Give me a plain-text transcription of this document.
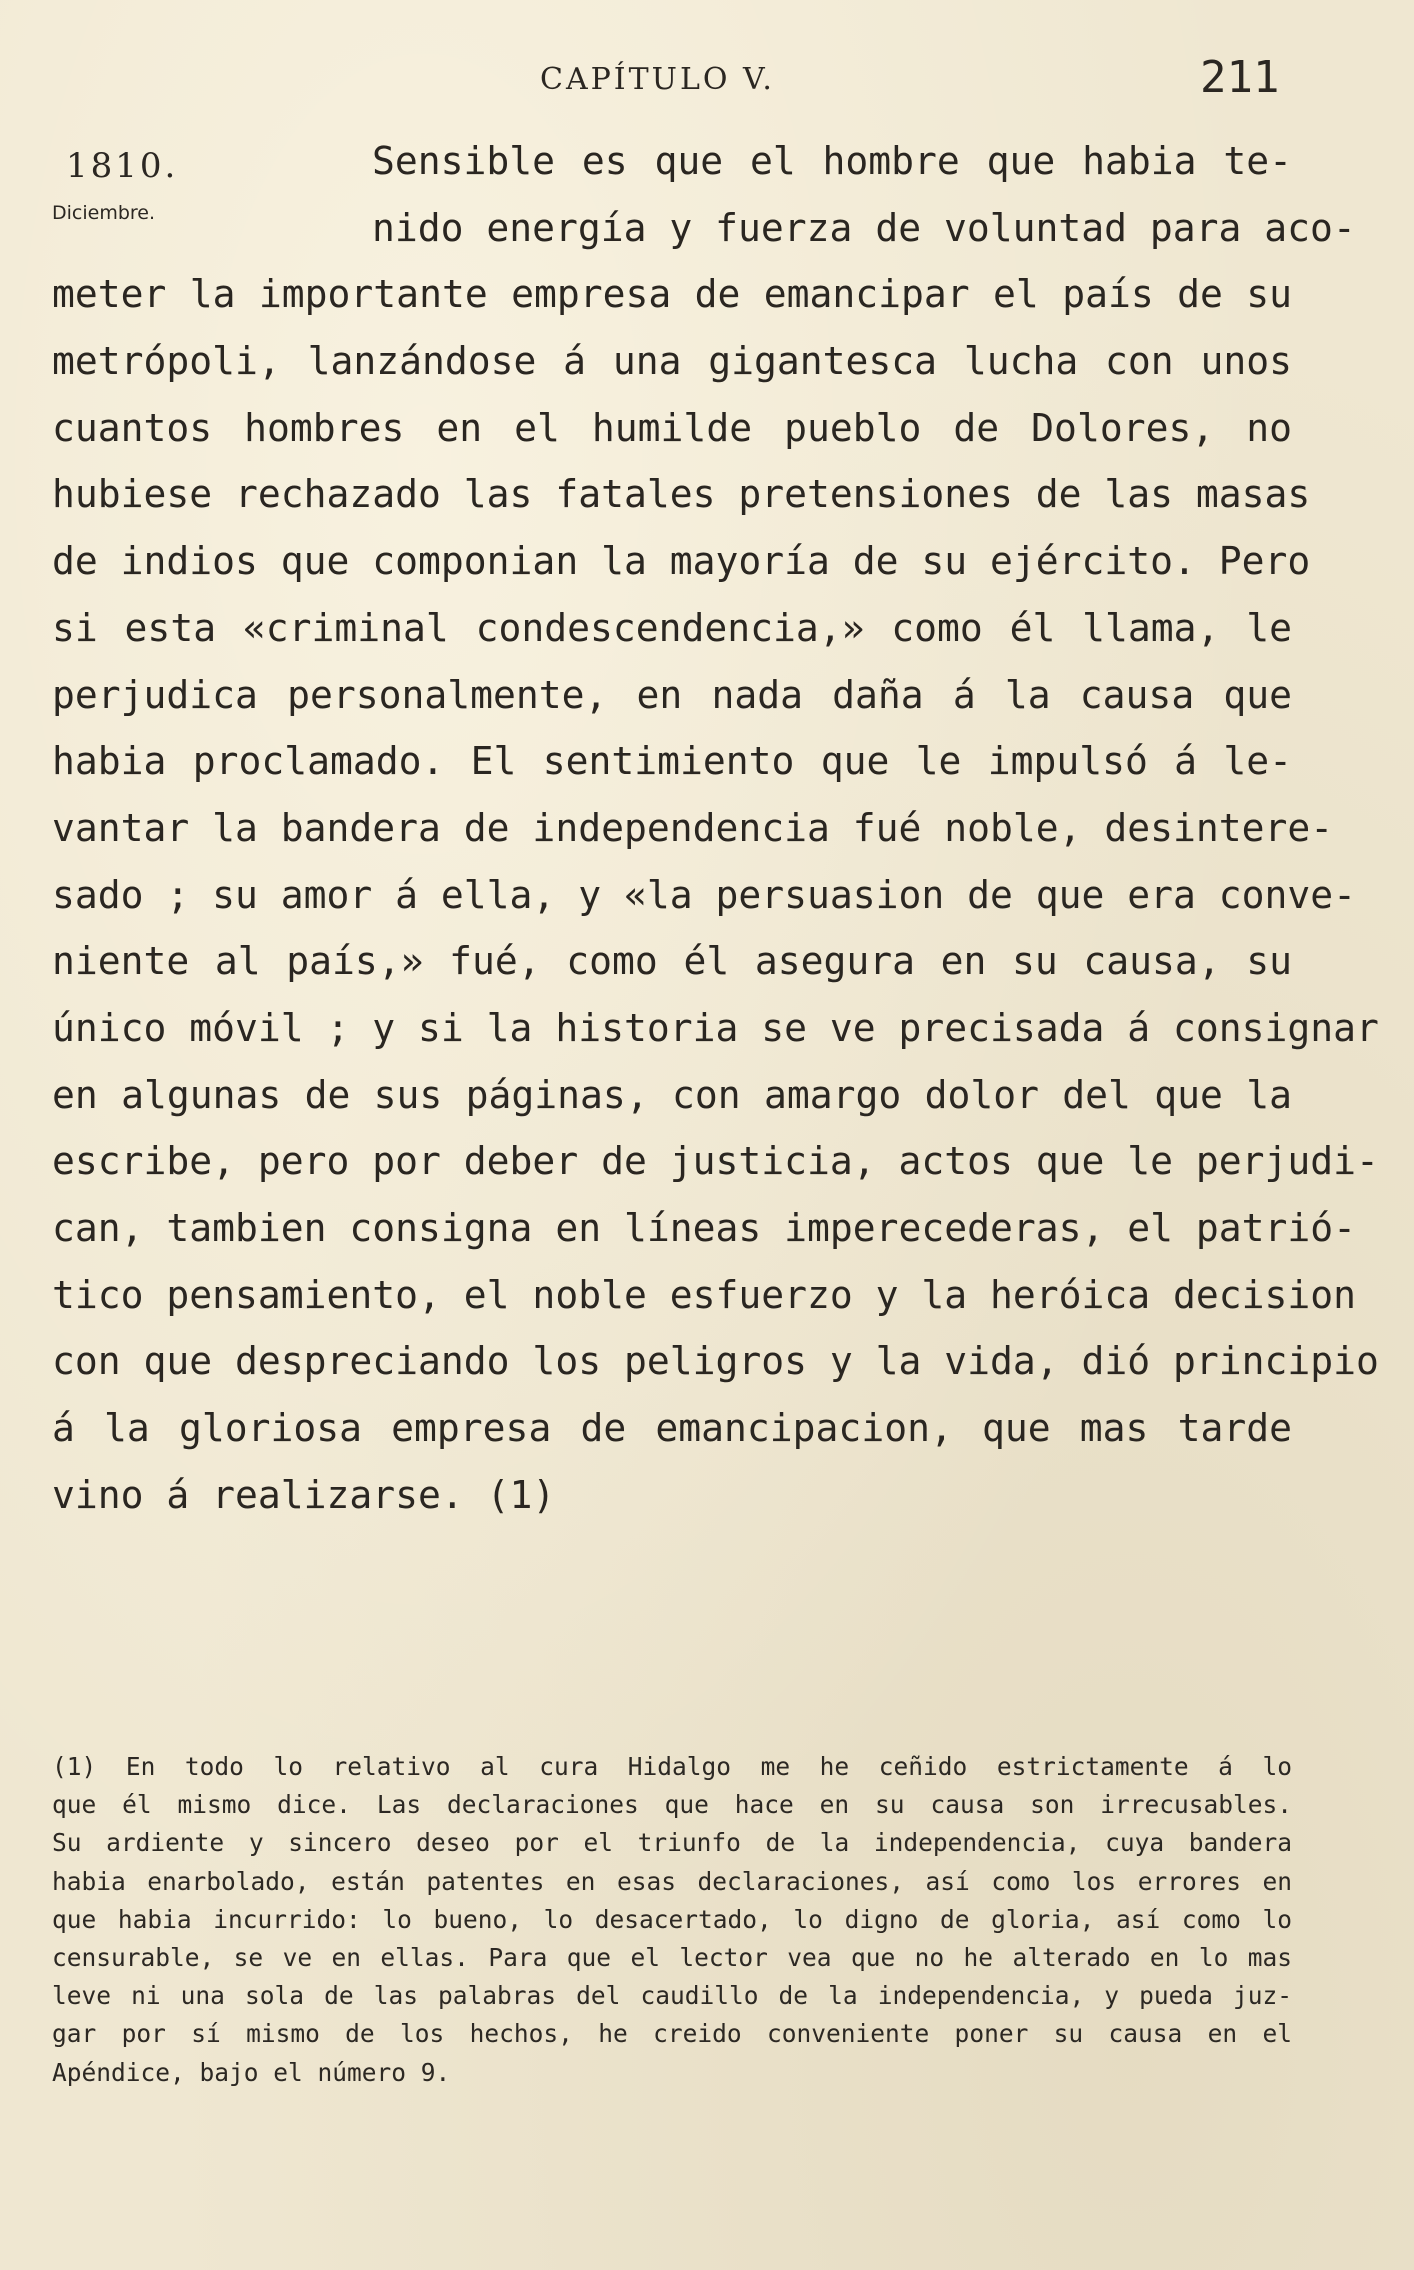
CAPÍTULO V.	211
1810.
Diciembre.
Sensible es que el hombre que habia te-
nido energía y fuerza de voluntad para aco-
meter la importante empresa de emancipar el país de su
metrópoli, lanzándose á una gigantesca lucha con unos
cuantos hombres en el humilde pueblo de Dolores, no
hubiese rechazado las fatales pretensiones de las masas
de indios que componian la mayoría de su ejército. Pero
si esta «criminal condescendencia,» como él llama, le
perjudica personalmente, en nada daña á la causa que
habia proclamado. El sentimiento que le impulsó á le-
vantar la bandera de independencia fué noble, desintere-
sado ; su amor á ella, y «la persuasion de que era conve-
niente al país,» fué, como él asegura en su causa, su
único móvil ; y si la historia se ve precisada á consignar
en algunas de sus páginas, con amargo dolor del que la
escribe, pero por deber de justicia, actos que le perjudi-
can, tambien consigna en líneas imperecederas, el patrió-
tico pensamiento, el noble esfuerzo y la heróica decision
con que despreciando los peligros y la vida, dió principio
á la gloriosa empresa de emancipacion, que mas tarde
vino á realizarse. (1)
(1) En todo lo relativo al cura Hidalgo me he ceñido estrictamente á lo
que él mismo dice. Las declaraciones que hace en su causa son irrecusables.
Su ardiente y sincero deseo por el triunfo de la independencia, cuya bandera
habia enarbolado, están patentes en esas declaraciones, así como los errores en
que habia incurrido: lo bueno, lo desacertado, lo digno de gloria, así como lo
censurable, se ve en ellas. Para que el lector vea que no he alterado en lo mas
leve ni una sola de las palabras del caudillo de la independencia, y pueda juz-
gar por sí mismo de los hechos, he creido conveniente poner su causa en el
Apéndice, bajo el número 9.
